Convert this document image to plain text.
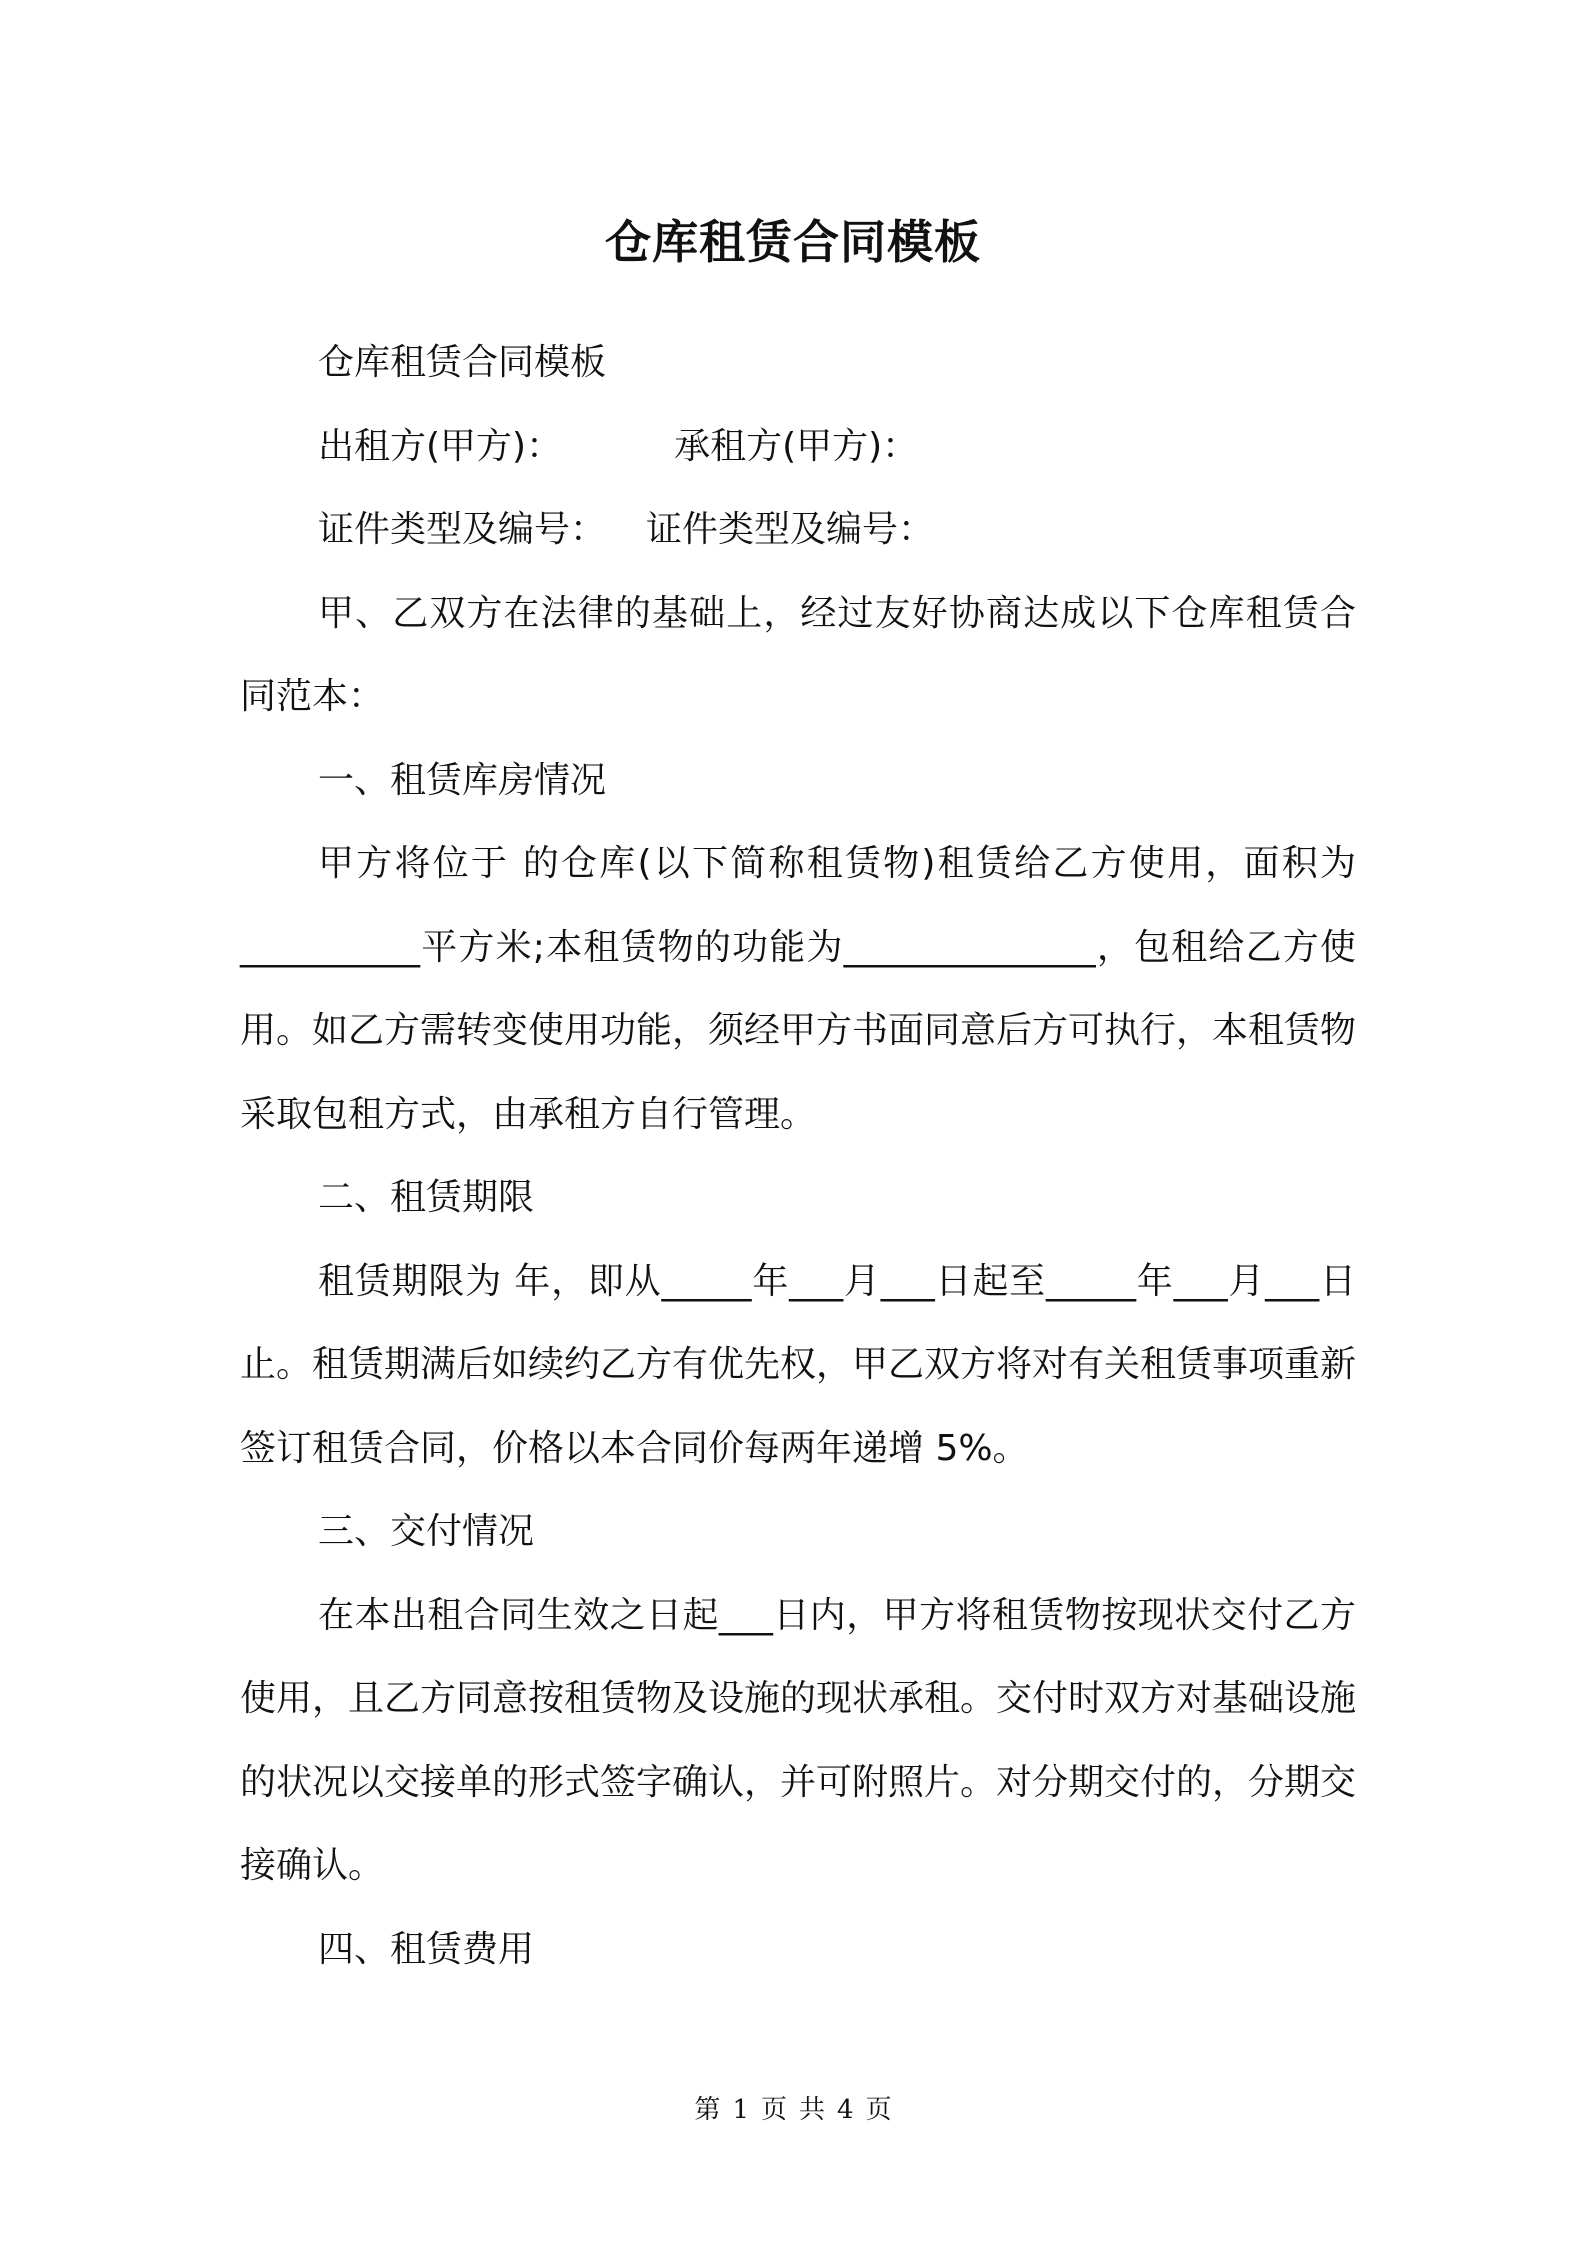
仓库租赁合同模板

仓库租赁合同模板

出租方(甲方)：	承租方(甲方)：

证件类型及编号： 证件类型及编号：

甲、乙双方在法律的基础上，经过友好协商达成以下仓库租赁合同范本：

一、租赁库房情况

甲方将位于 的仓库(以下简称租赁物)租赁给乙方使用，面积为__________平方米;本租赁物的功能为______________，包租给乙方使用。如乙方需转变使用功能，须经甲方书面同意后方可执行，本租赁物采取包租方式，由承租方自行管理。

二、租赁期限

租赁期限为 年，即从_____年___月___日起至_____年___月___日止。租赁期满后如续约乙方有优先权，甲乙双方将对有关租赁事项重新签订租赁合同，价格以本合同价每两年递增 5%。

三、交付情况

在本出租合同生效之日起___日内，甲方将租赁物按现状交付乙方使用，且乙方同意按租赁物及设施的现状承租。交付时双方对基础设施的状况以交接单的形式签字确认，并可附照片。对分期交付的，分期交接确认。

四、租赁费用

第 1 页 共 4 页
